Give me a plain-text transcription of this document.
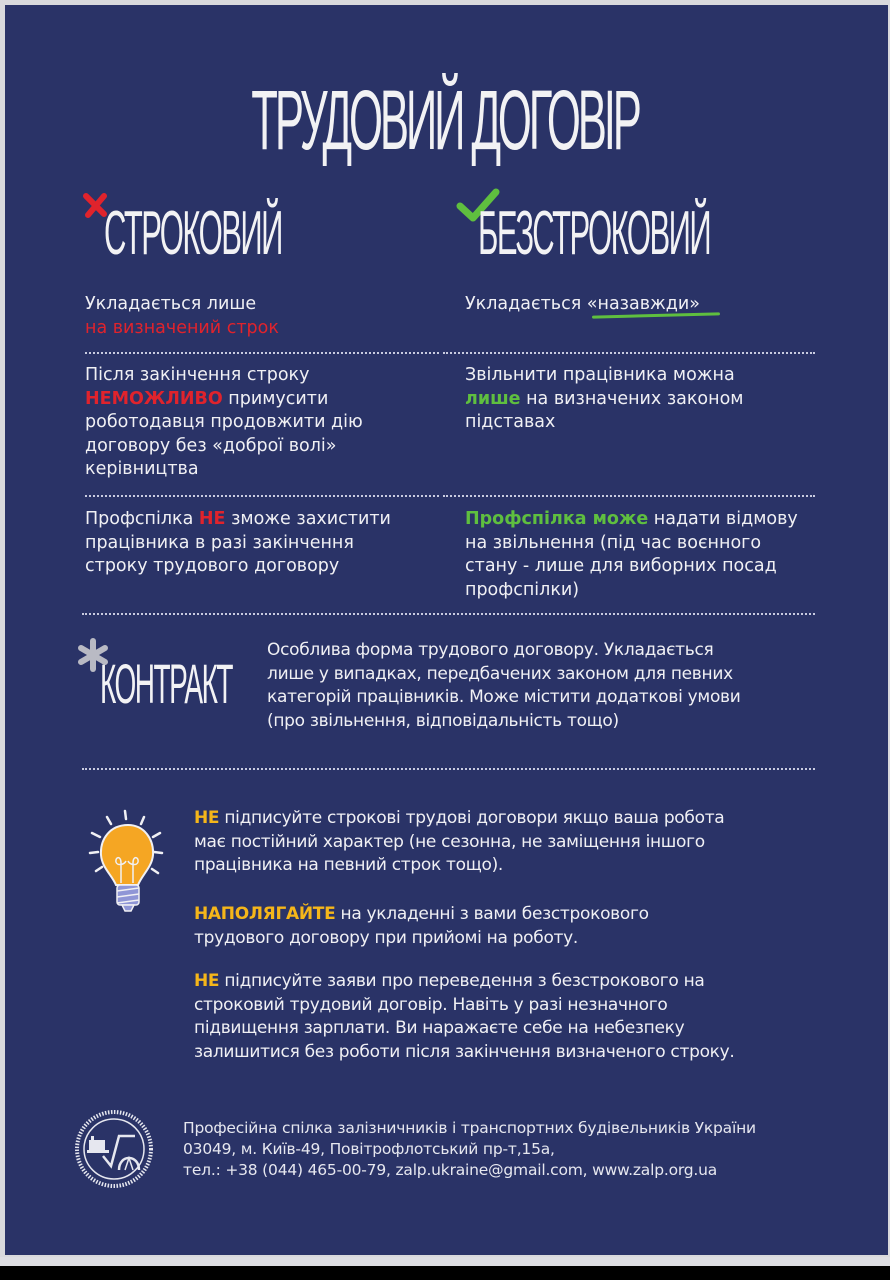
ТРУДОВИЙ ДОГОВІР
СТРОКОВИЙ	БЕЗСТРОКОВИЙ
Укладається лише
на визначений строк
Укладається «назавжди»
Після закінчення строку
НЕМОЖЛИВО примусити
роботодавця продовжити дію
договору без «доброї волі»
керівництва
Звільнити працівника можна
лише на визначених законом
підставах
Профспілка НЕ зможе захистити
працівника в разі закінчення
строку трудового договору
Профспілка може надати відмову
на звільнення (під час воєнного
стану - лише для виборних посад
профспілки)
КОНТРАКТ
Особлива форма трудового договору. Укладається
лише у випадках, передбачених законом для певних
категорій працівників. Може містити додаткові умови
(про звільнення, відповідальність тощо)
НЕ підписуйте строкові трудові договори якщо ваша робота
має постійний характер (не сезонна, не заміщення іншого
працівника на певний строк тощо).
НАПОЛЯГАЙТЕ на укладенні з вами безстрокового
трудового договору при прийомі на роботу.
НЕ підписуйте заяви про переведення з безстрокового на
строковий трудовий договір. Навіть у разі незначного
підвищення зарплати. Ви наражаєте себе на небезпеку
залишитися без роботи після закінчення визначеного строку.
Професійна спілка залізничників і транспортних будівельників України
03049, м. Київ-49, Повітрофлотський пр-т,15а,
тел.: +38 (044) 465-00-79, zalp.ukraine@gmail.com, www.zalp.org.ua
